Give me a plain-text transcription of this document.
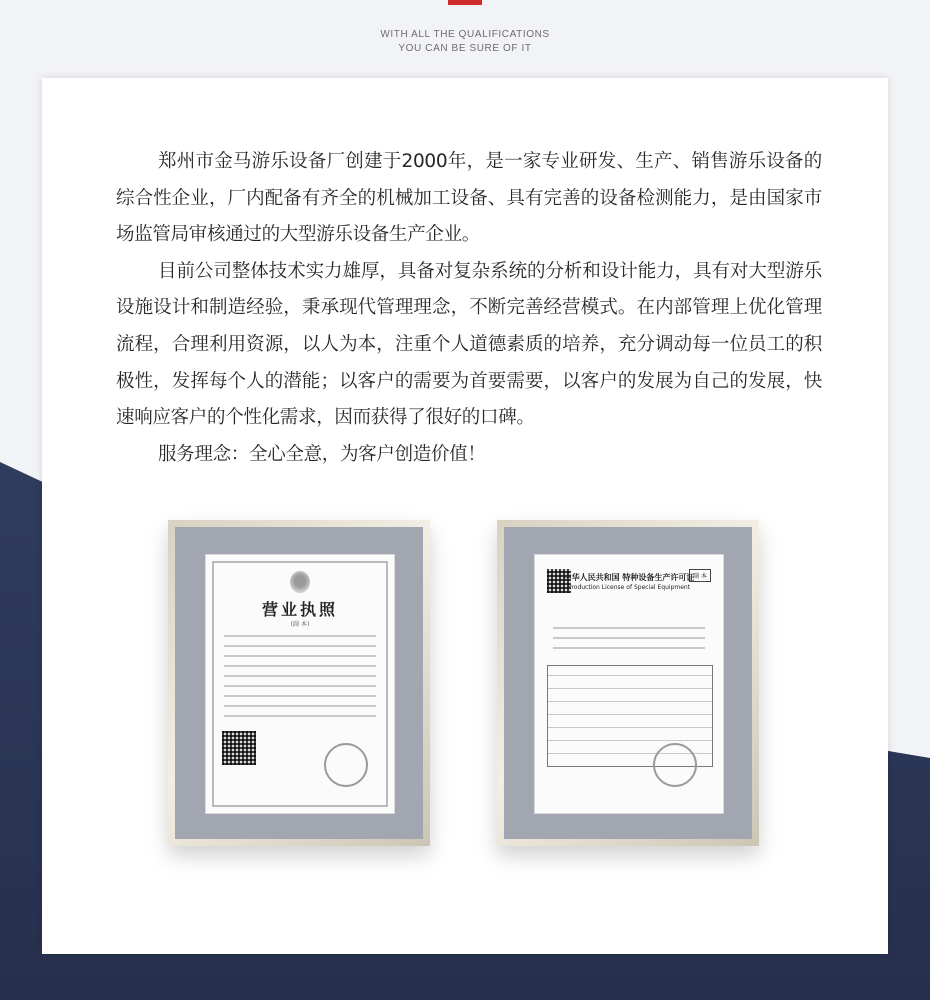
WITH ALL THE QUALIFICATIONS
YOU CAN BE SURE OF IT

郑州市金马游乐设备厂创建于2000年，是一家专业研发、生产、销售游乐设备的综合性企业，厂内配备有齐全的机械加工设备、具有完善的设备检测能力，是由国家市场监管局审核通过的大型游乐设备生产企业。

目前公司整体技术实力雄厚，具备对复杂系统的分析和设计能力，具有对大型游乐设施设计和制造经验，秉承现代管理理念，不断完善经营模式。在内部管理上优化管理流程，合理利用资源，以人为本，注重个人道德素质的培养，充分调动每一位员工的积极性，发挥每个人的潜能；以客户的需要为首要需要，以客户的发展为自己的发展，快速响应客户的个性化需求，因而获得了很好的口碑。

服务理念：全心全意，为客户创造价值！

营业执照
(副 本)
副 本
中华人民共和国 特种设备生产许可证
Production License of Special Equipment
